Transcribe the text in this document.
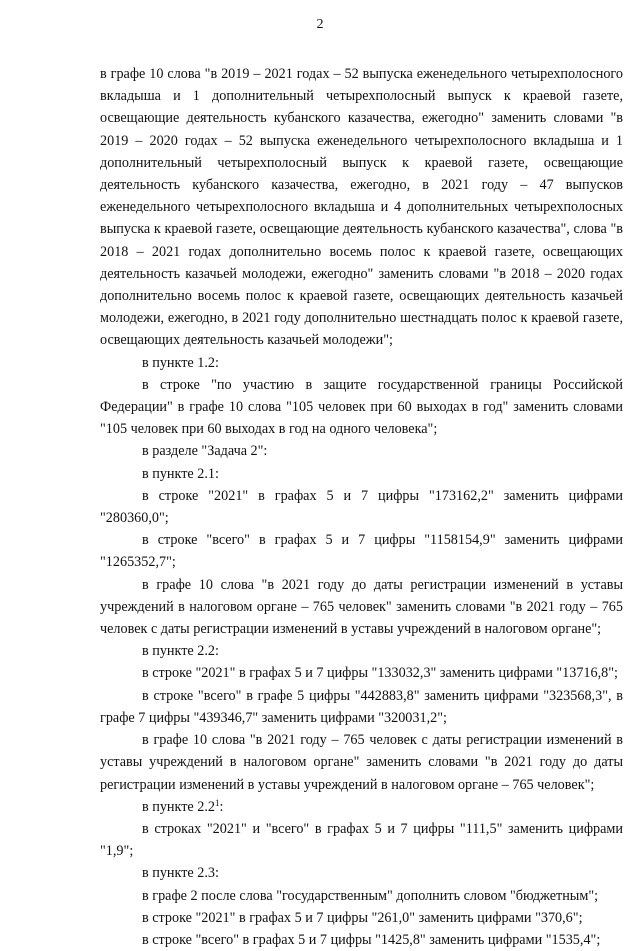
2

в графе 10 слова "в 2019 – 2021 годах – 52 выпуска еженедельного четырехполосного вкладыша и 1 дополнительный четырехполосный выпуск к краевой газете, освещающие деятельность кубанского казачества, ежегодно" заменить словами "в 2019 – 2020 годах – 52 выпуска еженедельного четырехполосного вкладыша и 1 дополнительный четырехполосный выпуск к краевой газете, освещающие деятельность кубанского казачества, ежегодно, в 2021 году – 47 выпусков еженедельного четырехполосного вкладыша и 4 дополнительных четырехполосных выпуска к краевой газете, освещающие деятельность кубанского казачества", слова "в 2018 – 2021 годах дополнительно восемь полос к краевой газете, освещающих деятельность казачьей молодежи, ежегодно" заменить словами "в 2018 – 2020 годах дополнительно восемь полос к краевой газете, освещающих деятельность казачьей молодежи, ежегодно, в 2021 году дополнительно шестнадцать полос к краевой газете, освещающих деятельность казачьей молодежи";

в пункте 1.2:

в строке "по участию в защите государственной границы Российской Федерации" в графе 10 слова "105 человек при 60 выходах в год" заменить словами "105 человек при 60 выходах в год на одного человека";

в разделе "Задача 2":

в пункте 2.1:

в строке "2021" в графах 5 и 7 цифры "173162,2" заменить цифрами "280360,0";

в строке "всего" в графах 5 и 7 цифры "1158154,9" заменить цифрами "1265352,7";

в графе 10 слова "в 2021 году до даты регистрации изменений в уставы учреждений в налоговом органе – 765 человек" заменить словами "в 2021 году – 765 человек с даты регистрации изменений в уставы учреждений в налоговом органе";

в пункте 2.2:

в строке "2021" в графах 5 и 7 цифры "133032,3" заменить цифрами "13716,8";

в строке "всего" в графе 5 цифры "442883,8" заменить цифрами "323568,3", в графе 7 цифры "439346,7" заменить цифрами "320031,2";

в графе 10 слова "в 2021 году – 765 человек с даты регистрации изменений в уставы учреждений в налоговом органе" заменить словами "в 2021 году до даты регистрации изменений в уставы учреждений в налоговом органе – 765 человек";

в пункте $2.2^1$:

в строках "2021" и "всего" в графах 5 и 7 цифры "111,5" заменить цифрами "1,9";

в пункте 2.3:

в графе 2 после слова "государственным" дополнить словом "бюджетным";

в строке "2021" в графах 5 и 7 цифры "261,0" заменить цифрами "370,6";

в строке "всего" в графах 5 и 7 цифры "1425,8" заменить цифрами "1535,4";
